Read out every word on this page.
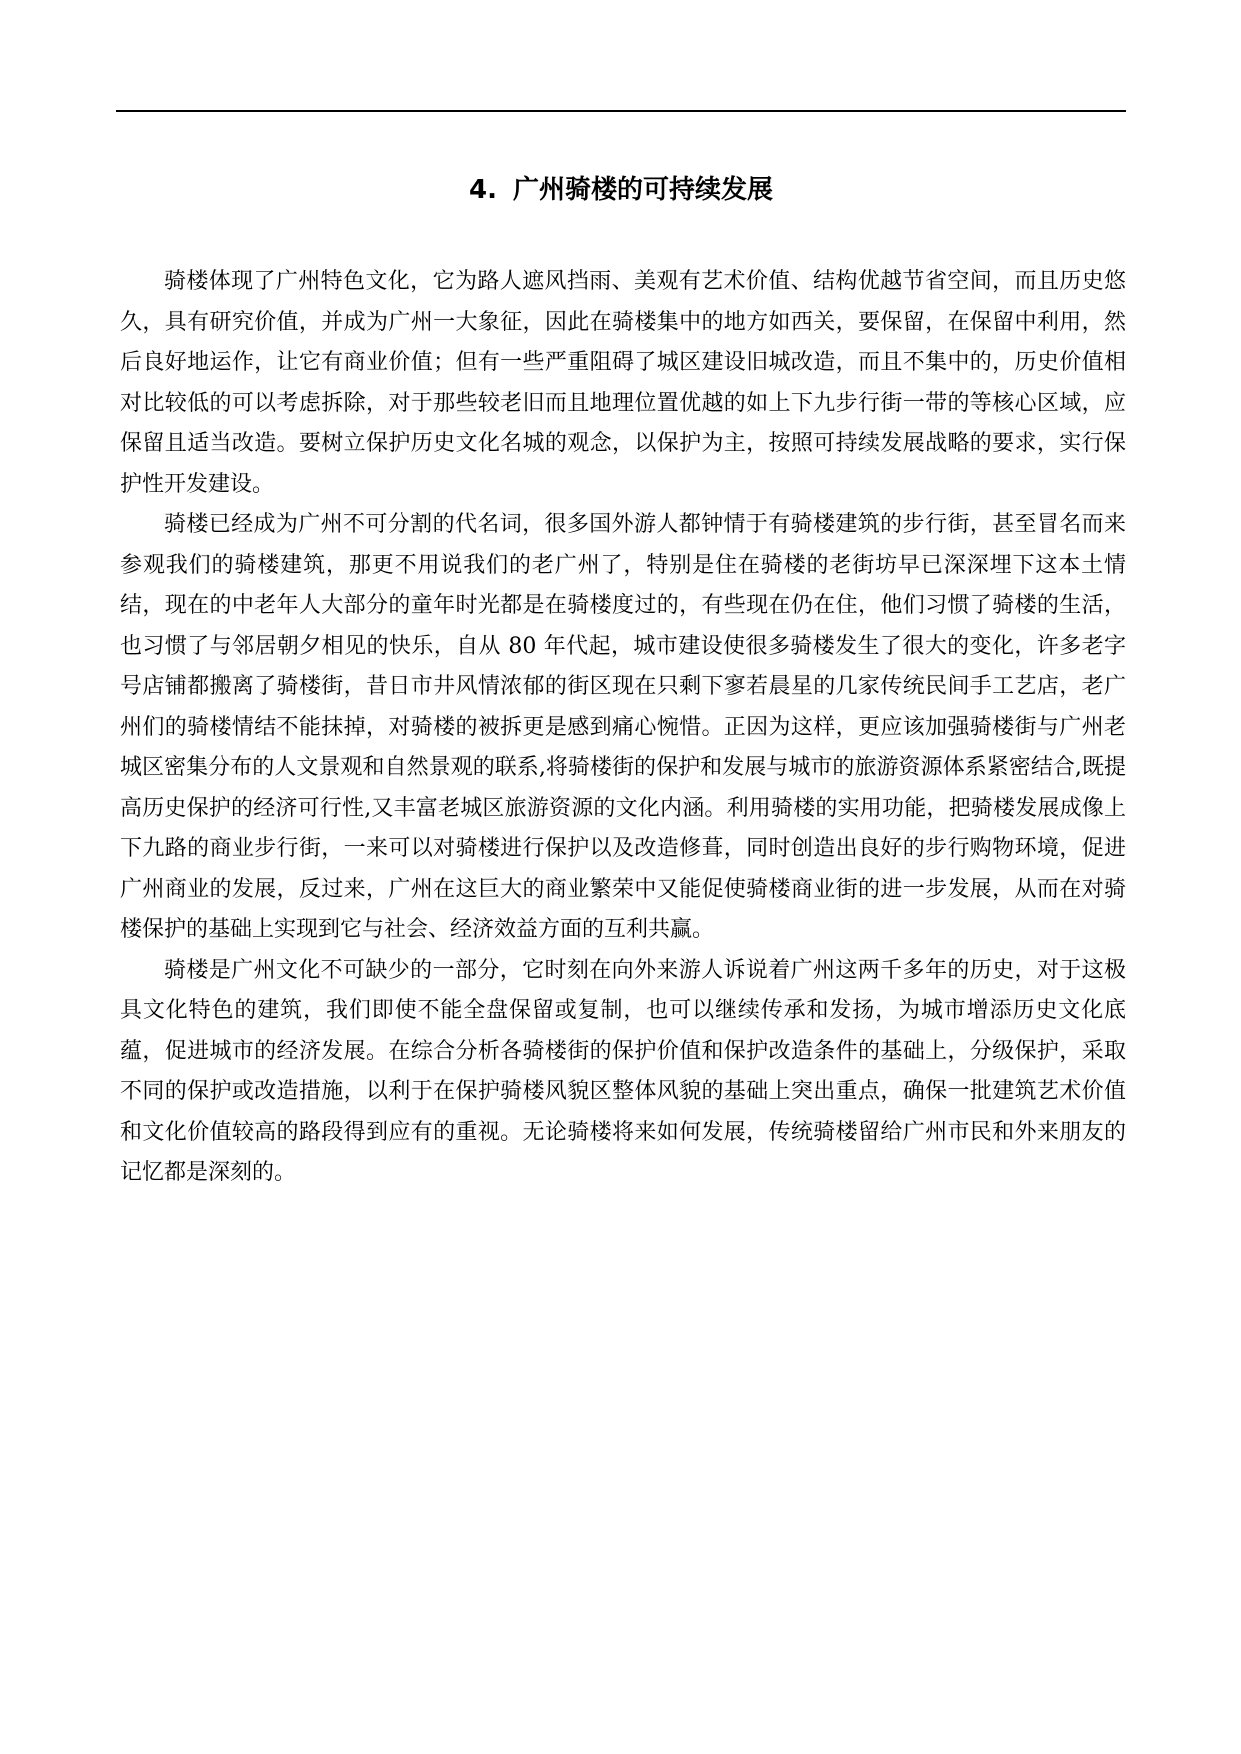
4. 广州骑楼的可持续发展

骑楼体现了广州特色文化，它为路人遮风挡雨、美观有艺术价值、结构优越节省空间，而且历史悠久，具有研究价值，并成为广州一大象征，因此在骑楼集中的地方如西关，要保留，在保留中利用，然后良好地运作，让它有商业价值；但有一些严重阻碍了城区建设旧城改造，而且不集中的，历史价值相对比较低的可以考虑拆除，对于那些较老旧而且地理位置优越的如上下九步行街一带的等核心区域，应保留且适当改造。要树立保护历史文化名城的观念，以保护为主，按照可持续发展战略的要求，实行保护性开发建设。

骑楼已经成为广州不可分割的代名词，很多国外游人都钟情于有骑楼建筑的步行街，甚至冒名而来参观我们的骑楼建筑，那更不用说我们的老广州了，特别是住在骑楼的老街坊早已深深埋下这本土情结，现在的中老年人大部分的童年时光都是在骑楼度过的，有些现在仍在住，他们习惯了骑楼的生活，也习惯了与邻居朝夕相见的快乐，自从 80 年代起，城市建设使很多骑楼发生了很大的变化，许多老字号店铺都搬离了骑楼街，昔日市井风情浓郁的街区现在只剩下寥若晨星的几家传统民间手工艺店，老广州们的骑楼情结不能抹掉，对骑楼的被拆更是感到痛心惋惜。正因为这样，更应该加强骑楼街与广州老城区密集分布的人文景观和自然景观的联系,将骑楼街的保护和发展与城市的旅游资源体系紧密结合,既提高历史保护的经济可行性,又丰富老城区旅游资源的文化内涵。利用骑楼的实用功能，把骑楼发展成像上下九路的商业步行街，一来可以对骑楼进行保护以及改造修葺，同时创造出良好的步行购物环境，促进广州商业的发展，反过来，广州在这巨大的商业繁荣中又能促使骑楼商业街的进一步发展，从而在对骑楼保护的基础上实现到它与社会、经济效益方面的互利共赢。

骑楼是广州文化不可缺少的一部分，它时刻在向外来游人诉说着广州这两千多年的历史，对于这极具文化特色的建筑，我们即使不能全盘保留或复制，也可以继续传承和发扬，为城市增添历史文化底蕴，促进城市的经济发展。在综合分析各骑楼街的保护价值和保护改造条件的基础上，分级保护，采取不同的保护或改造措施，以利于在保护骑楼风貌区整体风貌的基础上突出重点，确保一批建筑艺术价值和文化价值较高的路段得到应有的重视。无论骑楼将来如何发展，传统骑楼留给广州市民和外来朋友的记忆都是深刻的。
